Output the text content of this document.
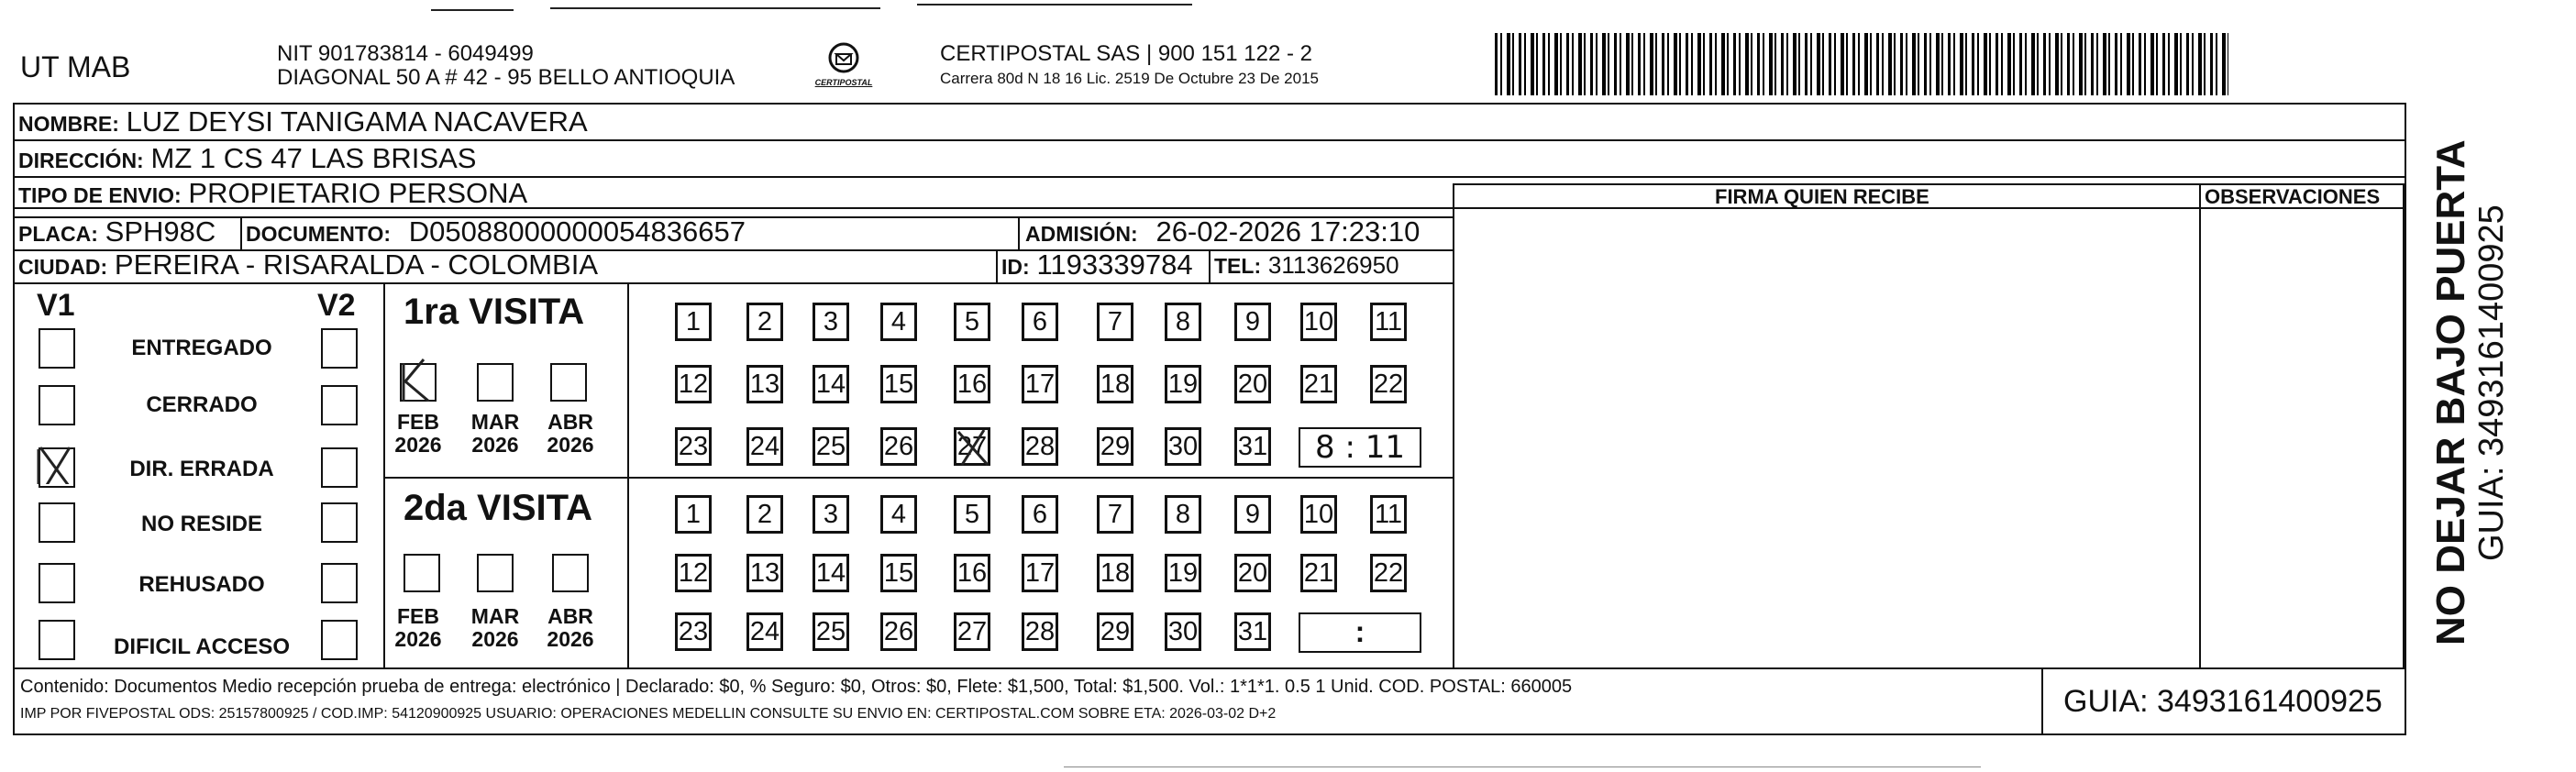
UT MAB	NIT 901783814 - 6049499
DIAGONAL 50 A # 42 - 95 BELLO ANTIOQUIA	CERTIPOSTAL
CERTIPOSTAL SAS | 900 151 122 - 2
Carrera 80d N 18 16 Lic. 2519 De Octubre 23 De 2015
NOMBRE: LUZ DEYSI TANIGAMA NACAVERA
DIRECCIÓN: MZ 1 CS 47 LAS BRISAS
TIPO DE ENVIO: PROPIETARIO PERSONA	FIRMA QUIEN RECIBE	OBSERVACIONES
PLACA: SPH98C DOCUMENTO: D05088000000054836657	ADMISIÓN: 26-02-2026 17:23:10
CIUDAD: PEREIRA - RISARALDA - COLOMBIA	ID: 1193339784 TEL: 3113626950
V1	V2
ENTREGADO
CERRADO
DIR. ERRADA
NO RESIDE
REHUSADO
DIFICIL ACCESO
1ra VISITA
FEB
2026
MAR
2026
ABR
2026
2da VISITA
FEB
2026
MAR
2026
ABR
2026
1	2	3	4	5	6	7	8	9	10 11
12 13 14 15 16 17 18 19 20 21 22
23 24 25 26 27 28 29 30 31
1	2	3	4	5	6	7	8	9	10 11
12 13 14 15 16 17 18 19 20 21 22
23 24 25 26 27 28 29 30 31
8 : 11
:
Contenido: Documentos Medio recepción prueba de entrega: electrónico | Declarado: $0, % Seguro: $0, Otros: $0, Flete: $1,500, Total: $1,500. Vol.: 1*1*1. 0.5 1 Unid. COD. POSTAL: 660005
IMP POR FIVEPOSTAL ODS: 25157800925 / COD.IMP: 54120900925 USUARIO: OPERACIONES MEDELLIN CONSULTE SU ENVIO EN: CERTIPOSTAL.COM SOBRE ETA: 2026-03-02 D+2	GUIA: 3493161400925
NO DEJAR BAJO PUERTA GUIA: 3493161400925
